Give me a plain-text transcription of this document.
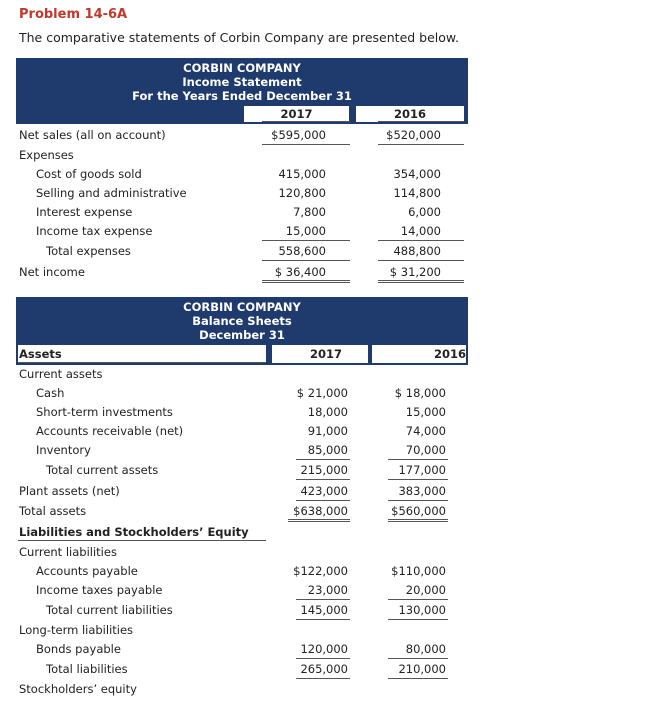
Problem 14-6A
The comparative statements of Corbin Company are presented below.
CORBIN COMPANY
Income Statement
For the Years Ended December 31
2017	2016
Net sales (all on account)	$595,000	$520,000
Expenses
Cost of goods sold	415,000	354,000
Selling and administrative	120,800	114,800
Interest expense	7,800	6,000
Income tax expense	15,000	14,000
Total expenses	558,600	488,800
Net income	$ 36,400	$ 31,200
CORBIN COMPANY
Balance Sheets
December 31
Assets	2017	2016
Current assets
Cash	$ 21,000	$ 18,000
Short-term investments	18,000	15,000
Accounts receivable (net)	91,000	74,000
Inventory	85,000	70,000
Total current assets	215,000	177,000
Plant assets (net)	423,000	383,000
Total assets	$638,000	$560,000
Liabilities and Stockholders’ Equity
Current liabilities
Accounts payable	$122,000	$110,000
Income taxes payable	23,000	20,000
Total current liabilities	145,000	130,000
Long-term liabilities
Bonds payable	120,000	80,000
Total liabilities	265,000	210,000
Stockholders’ equity
